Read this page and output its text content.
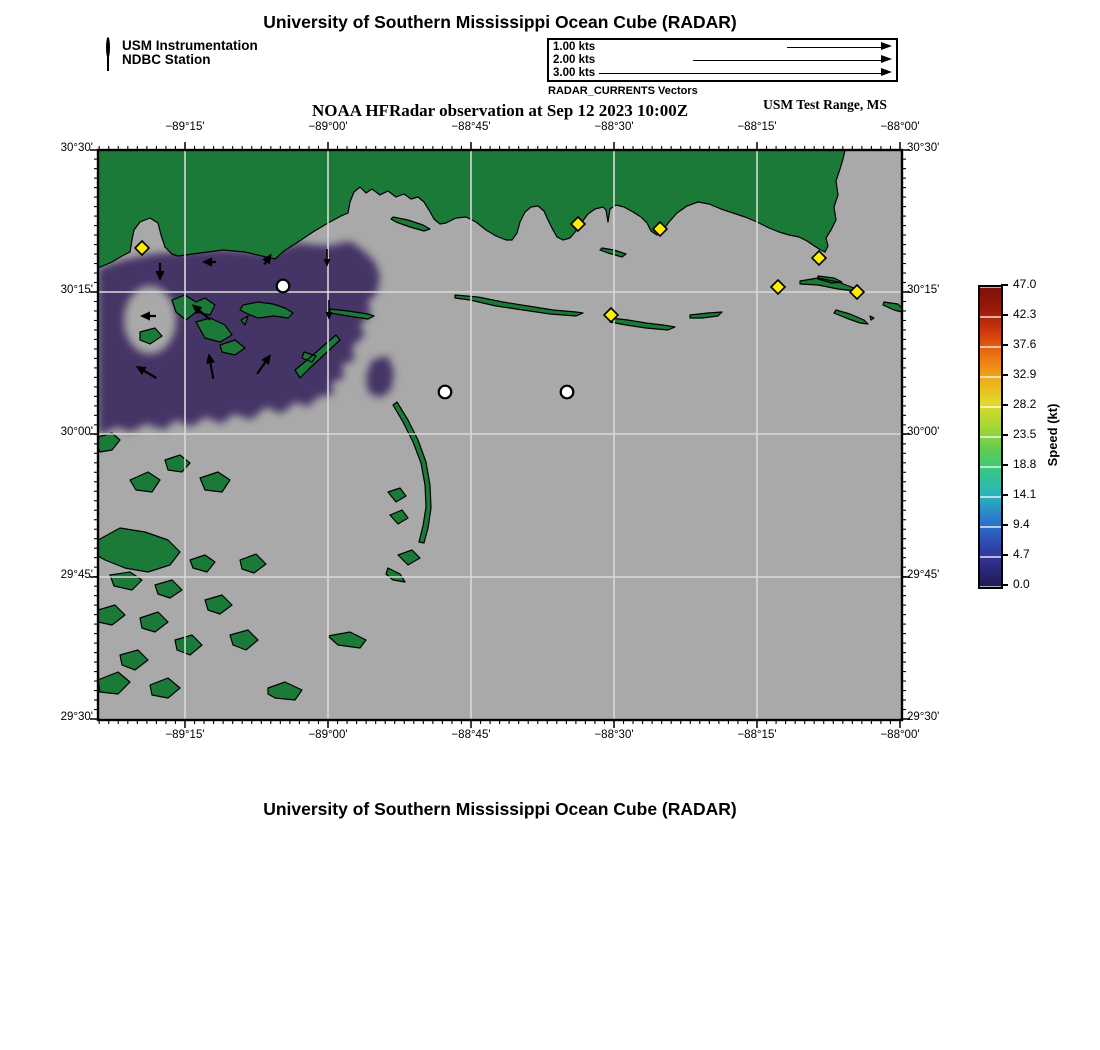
University of Southern Mississippi Ocean Cube (RADAR)
USM Instrumentation
NDBC Station
1.00 kts
2.00 kts
3.00 kts
RADAR_CURRENTS Vectors
NOAA HFRadar observation at Sep 12 2023 10:00Z	USM Test Range, MS
−89°15'
−89°15'
−89°00'
−89°00'
−88°45'
−88°45'
−88°30'
−88°30'
−88°15'
−88°15'
−88°00'
−88°00'
30°30'	30°30'
30°15'	30°15'
30°00'	30°00'
29°45'	29°45'
29°30'	29°30'
47.0
42.3
37.6
32.9
28.2
23.5
18.8
14.1
9.4
4.7
0.0
Speed (kt)
University of Southern Mississippi Ocean Cube (RADAR)
